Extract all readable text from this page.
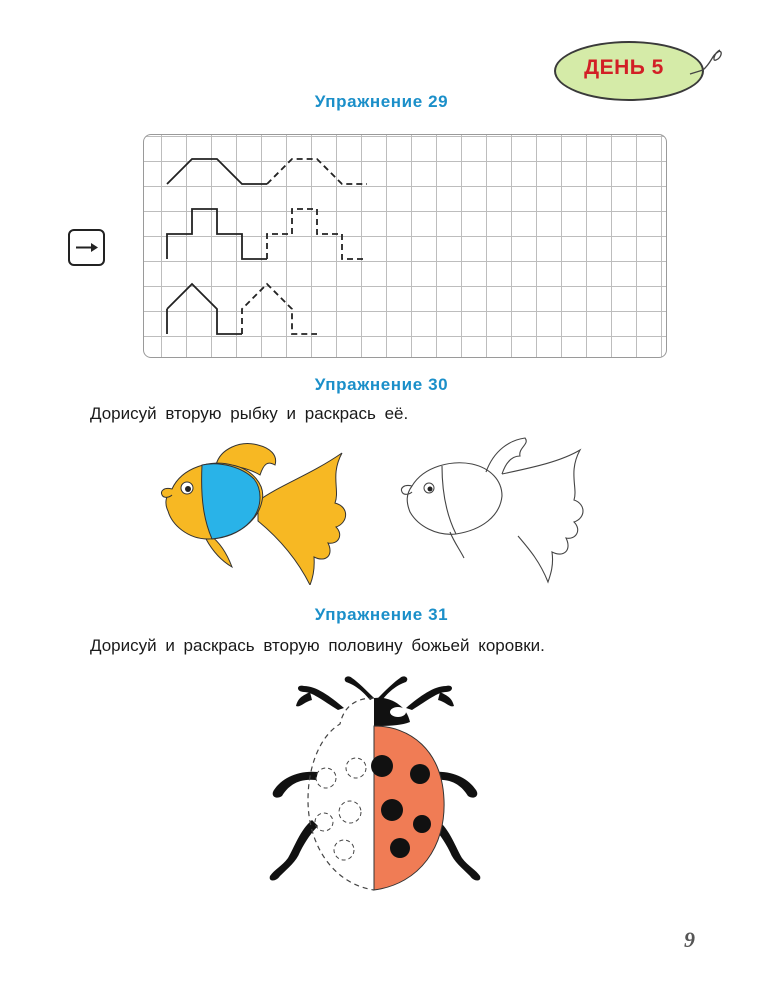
ДЕНЬ 5
Упражнение 29
Упражнение 30
Дорисуй вторую рыбку и раскрась её.
Упражнение 31
Дорисуй и раскрась вторую половину божьей коровки.
9
